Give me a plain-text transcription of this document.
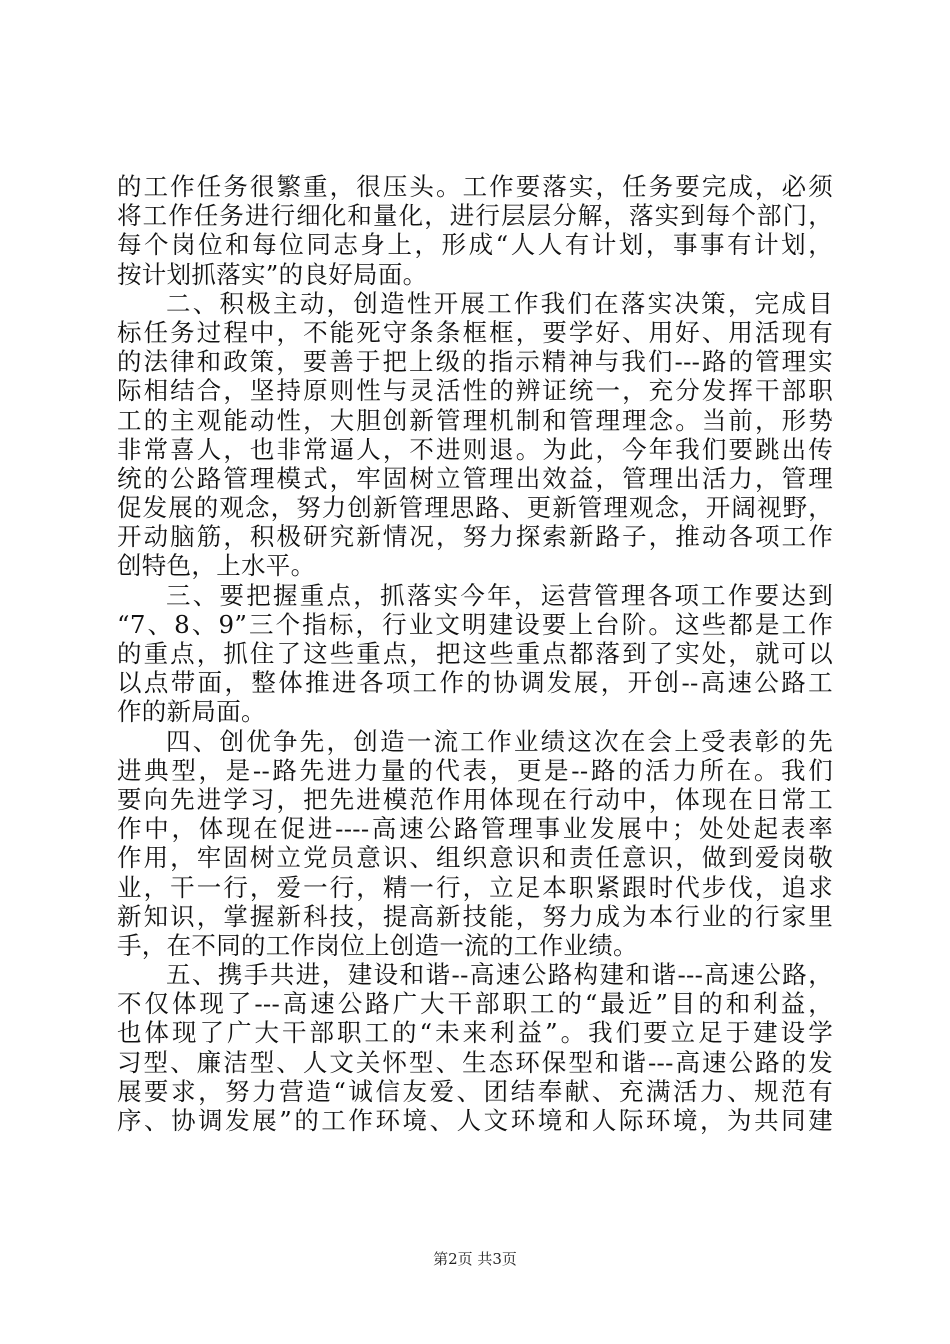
的工作任务很繁重，很压头。工作要落实，任务要完成，必须
将工作任务进行细化和量化，进行层层分解，落实到每个部门，
每个岗位和每位同志身上，形成“人人有计划，事事有计划，
按计划抓落实”的良好局面。
二、积极主动，创造性开展工作我们在落实决策，完成目
标任务过程中，不能死守条条框框，要学好、用好、用活现有
的法律和政策，要善于把上级的指示精神与我们---路的管理实
际相结合，坚持原则性与灵活性的辨证统一，充分发挥干部职
工的主观能动性，大胆创新管理机制和管理理念。当前，形势
非常喜人，也非常逼人，不进则退。为此，今年我们要跳出传
统的公路管理模式，牢固树立管理出效益，管理出活力，管理
促发展的观念，努力创新管理思路、更新管理观念，开阔视野，
开动脑筋，积极研究新情况，努力探索新路子，推动各项工作
创特色，上水平。
三、要把握重点，抓落实今年，运营管理各项工作要达到
“7、8、9”三个指标，行业文明建设要上台阶。这些都是工作
的重点，抓住了这些重点，把这些重点都落到了实处，就可以
以点带面，整体推进各项工作的协调发展，开创--高速公路工
作的新局面。
四、创优争先，创造一流工作业绩这次在会上受表彰的先
进典型，是--路先进力量的代表，更是--路的活力所在。我们
要向先进学习，把先进模范作用体现在行动中，体现在日常工
作中，体现在促进----高速公路管理事业发展中；处处起表率
作用，牢固树立党员意识、组织意识和责任意识，做到爱岗敬
业，干一行，爱一行，精一行，立足本职紧跟时代步伐，追求
新知识，掌握新科技，提高新技能，努力成为本行业的行家里
手，在不同的工作岗位上创造一流的工作业绩。
五、携手共进，建设和谐--高速公路构建和谐---高速公路，
不仅体现了---高速公路广大干部职工的“最近”目的和利益，
也体现了广大干部职工的“未来利益”。我们要立足于建设学
习型、廉洁型、人文关怀型、生态环保型和谐---高速公路的发
展要求，努力营造“诚信友爱、团结奉献、充满活力、规范有
序、协调发展”的工作环境、人文环境和人际环境，为共同建
第2页 共3页
